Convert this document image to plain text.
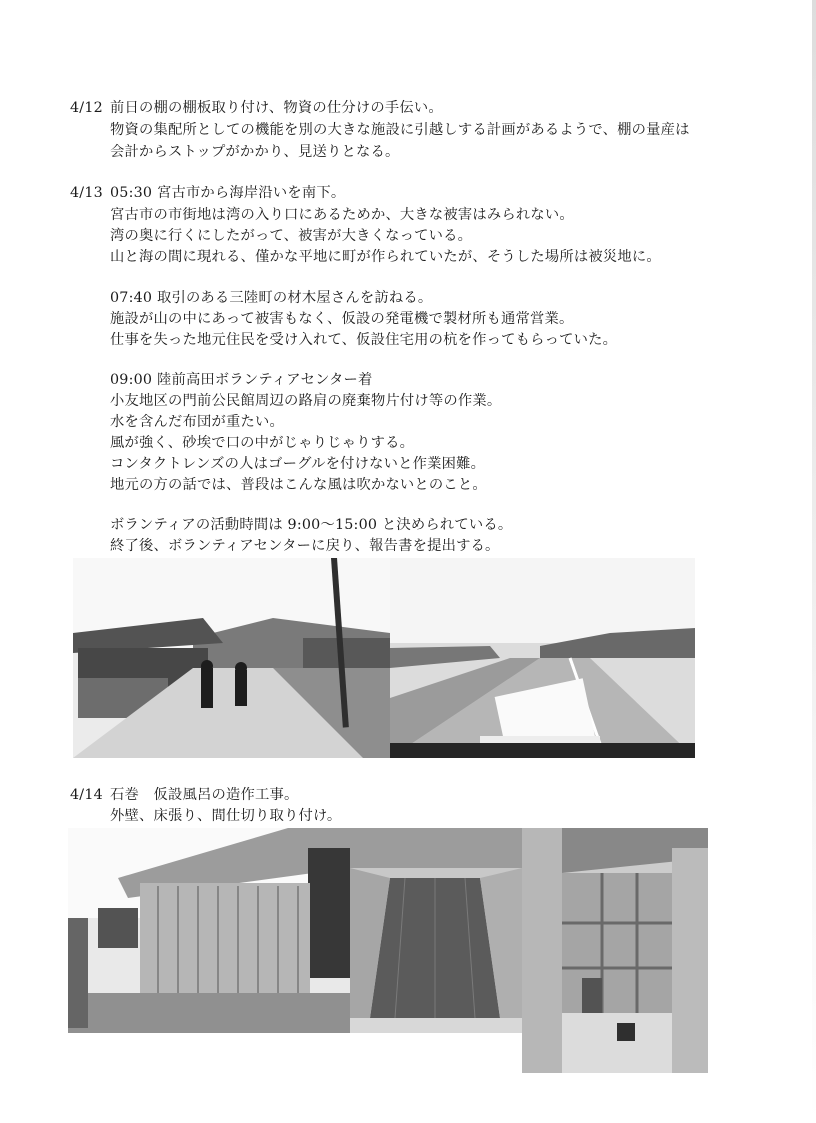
4/12 前日の棚の棚板取り付け、物資の仕分けの手伝い。
物資の集配所としての機能を別の大きな施設に引越しする計画があるようで、棚の量産は
会計からストップがかかり、見送りとなる。
4/13 05:30 宮古市から海岸沿いを南下。
宮古市の市街地は湾の入り口にあるためか、大きな被害はみられない。
湾の奥に行くにしたがって、被害が大きくなっている。
山と海の間に現れる、僅かな平地に町が作られていたが、そうした場所は被災地に。
07:40 取引のある三陸町の材木屋さんを訪ねる。
施設が山の中にあって被害もなく、仮設の発電機で製材所も通常営業。
仕事を失った地元住民を受け入れて、仮設住宅用の杭を作ってもらっていた。
09:00 陸前高田ボランティアセンター着
小友地区の門前公民館周辺の路肩の廃棄物片付け等の作業。
水を含んだ布団が重たい。
風が強く、砂埃で口の中がじゃりじゃりする。
コンタクトレンズの人はゴーグルを付けないと作業困難。
地元の方の話では、普段はこんな風は吹かないとのこと。
ボランティアの活動時間は 9:00～15:00 と決められている。
終了後、ボランティアセンターに戻り、報告書を提出する。
4/14 石巻　仮設風呂の造作工事。
外壁、床張り、間仕切り取り付け。
